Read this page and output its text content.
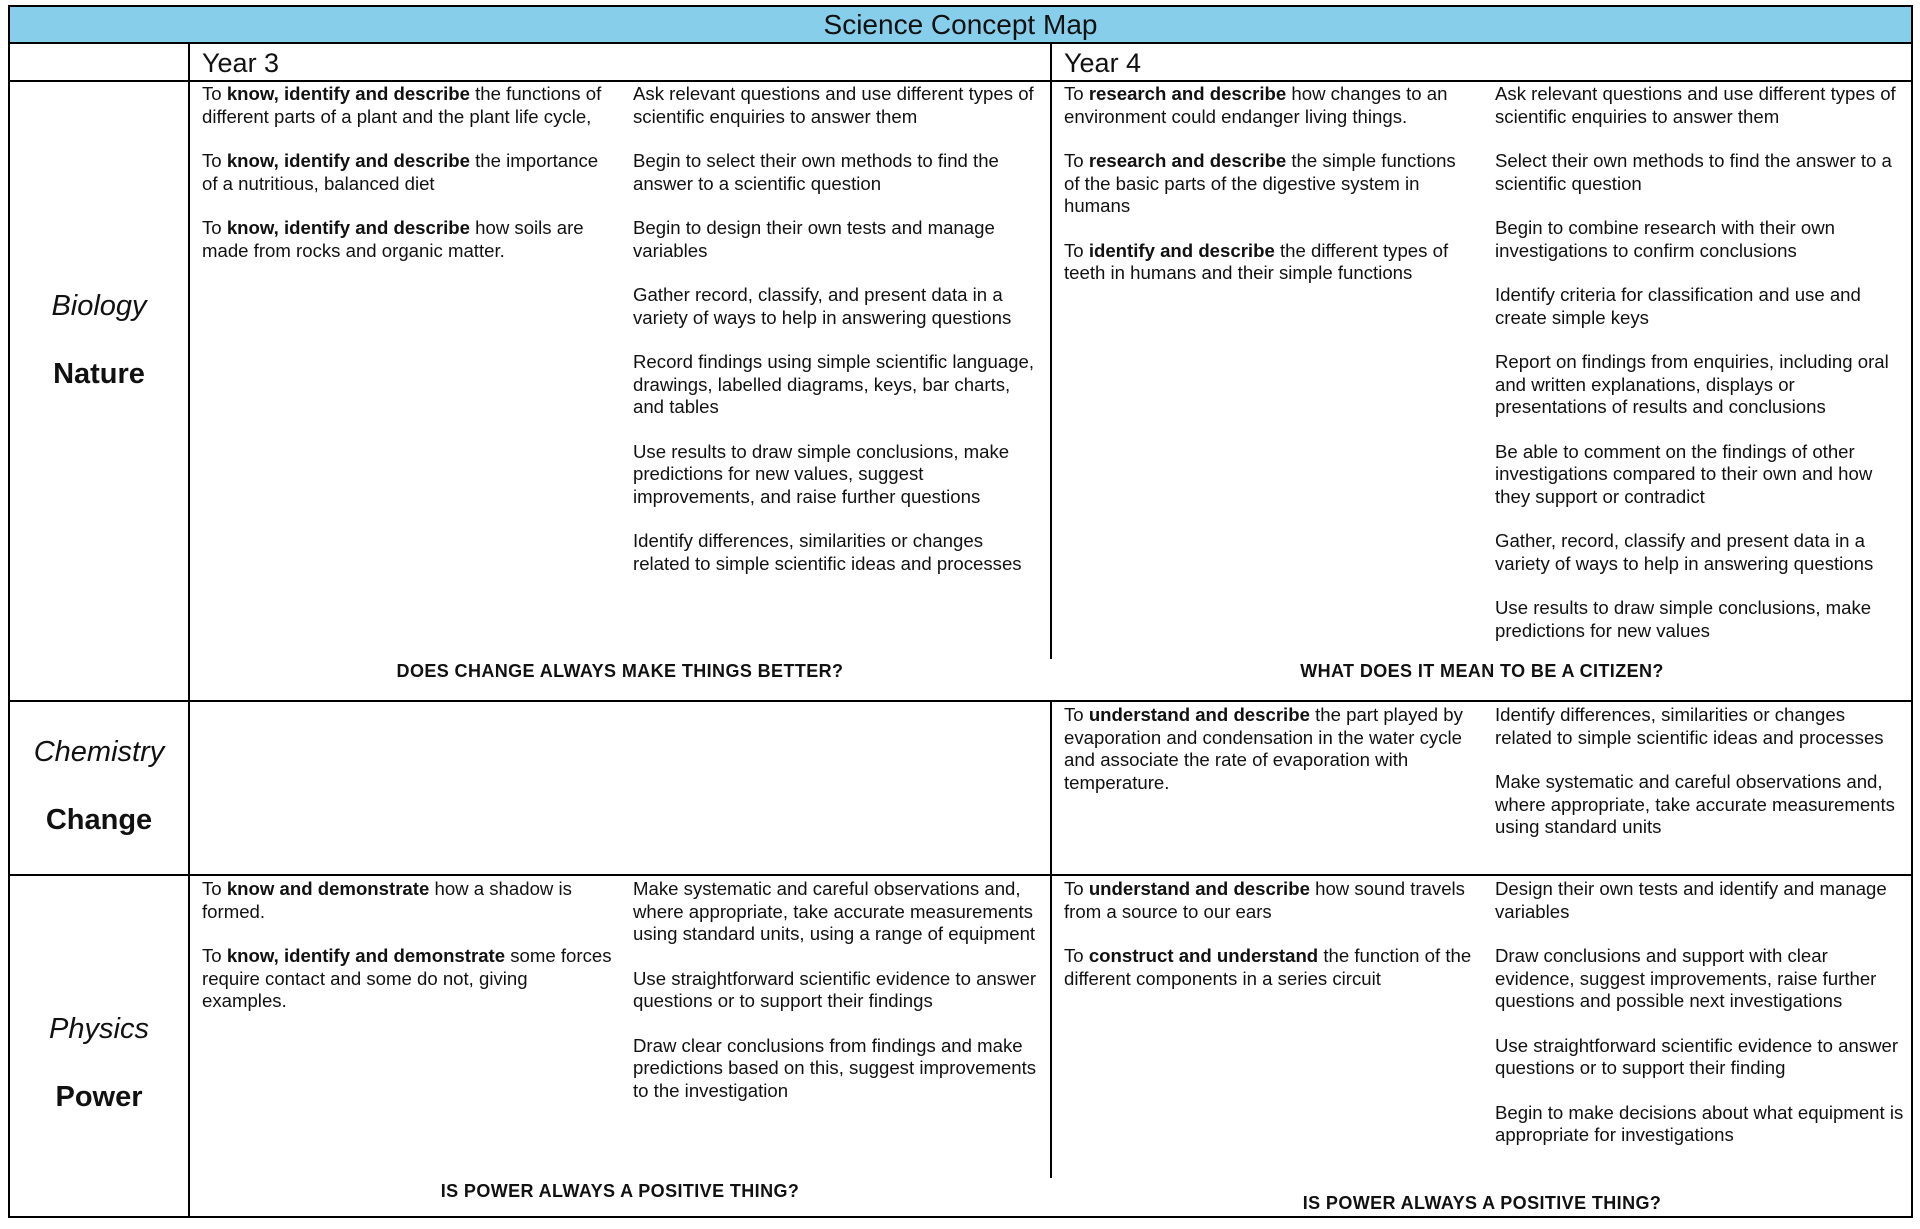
Science Concept Map
Year 3	Year 4
Biology
Nature
Chemistry
Change
Physics
Power

To know, identify and describe the functions of different parts of a plant and the plant life cycle,

To know, identify and describe the importance of a nutritious, balanced diet

To know, identify and describe how soils are made from rocks and organic matter.

Ask relevant questions and use different types of scientific enquiries to answer them

Begin to select their own methods to find the answer to a scientific question

Begin to design their own tests and manage variables

Gather record, classify, and present data in a variety of ways to help in answering questions

Record findings using simple scientific language, drawings, labelled diagrams, keys, bar charts, and tables

Use results to draw simple conclusions, make predictions for new values, suggest improvements, and raise further questions

Identify differences, similarities or changes related to simple scientific ideas and processes

DOES CHANGE ALWAYS MAKE THINGS BETTER?

To research and describe how changes to an environment could endanger living things.

To research and describe the simple functions of the basic parts of the digestive system in humans

To identify and describe the different types of teeth in humans and their simple functions

Ask relevant questions and use different types of scientific enquiries to answer them

Select their own methods to find the answer to a scientific question

Begin to combine research with their own investigations to confirm conclusions

Identify criteria for classification and use and create simple keys

Report on findings from enquiries, including oral and written explanations, displays or presentations of results and conclusions

Be able to comment on the findings of other investigations compared to their own and how they support or contradict

Gather, record, classify and present data in a variety of ways to help in answering questions

Use results to draw simple conclusions, make predictions for new values

WHAT DOES IT MEAN TO BE A CITIZEN?

To understand and describe the part played by evaporation and condensation in the water cycle and associate the rate of evaporation with temperature.

Identify differences, similarities or changes related to simple scientific ideas and processes

Make systematic and careful observations and, where appropriate, take accurate measurements using standard units

To know and demonstrate how a shadow is formed.

To know, identify and demonstrate some forces require contact and some do not, giving examples.

Make systematic and careful observations and, where appropriate, take accurate measurements using standard units, using a range of equipment

Use straightforward scientific evidence to answer questions or to support their findings

Draw clear conclusions from findings and make predictions based on this, suggest improvements to the investigation

IS POWER ALWAYS A POSITIVE THING?

To understand and describe how sound travels from a source to our ears

To construct and understand the function of the different components in a series circuit

Design their own tests and identify and manage variables

Draw conclusions and support with clear evidence, suggest improvements, raise further questions and possible next investigations

Use straightforward scientific evidence to answer questions or to support their finding

Begin to make decisions about what equipment is appropriate for investigations

IS POWER ALWAYS A POSITIVE THING?
